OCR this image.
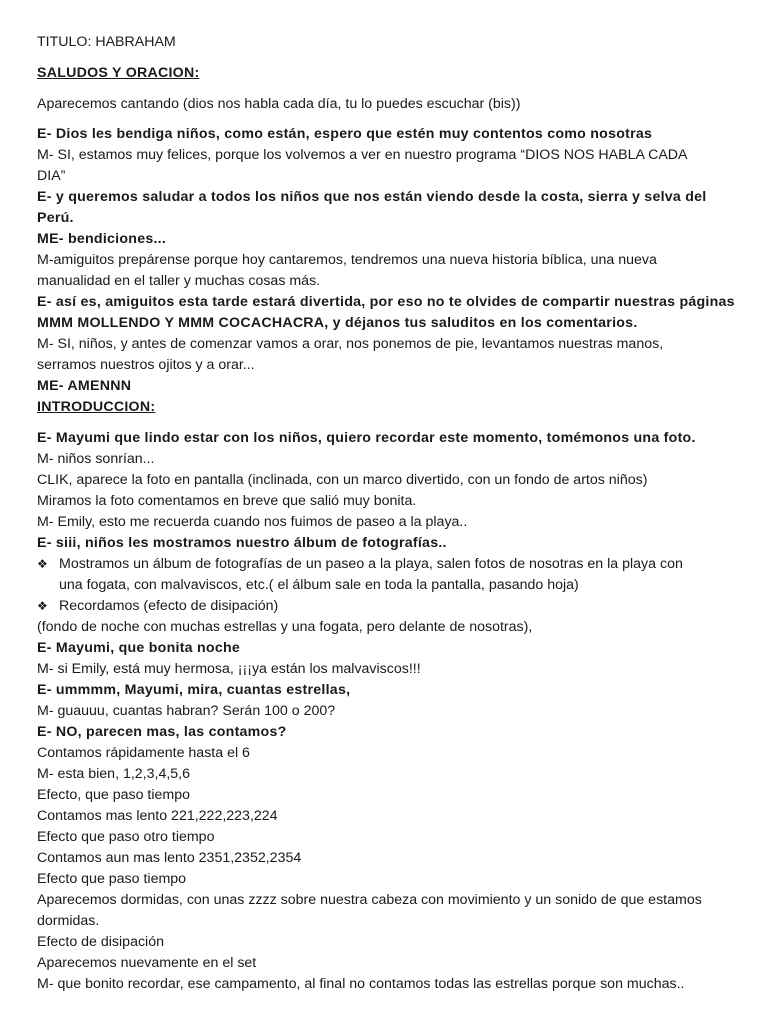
TITULO: HABRAHAM
SALUDOS Y ORACION:
Aparecemos cantando (dios nos habla cada día, tu lo puedes escuchar (bis))
E- Dios les bendiga niños, como están, espero que estén muy contentos como nosotras
M- SI, estamos muy felices, porque los volvemos a ver en nuestro programa “DIOS NOS HABLA CADA
DIA”
E- y queremos saludar a todos los niños que nos están viendo desde la costa, sierra y selva del
Perú.
ME- bendiciones...
M-amiguitos prepárense porque hoy cantaremos, tendremos una nueva historia bíblica, una nueva
manualidad en el taller y muchas cosas más.
E- así es, amiguitos esta tarde estará divertida, por eso no te olvides de compartir nuestras páginas
MMM MOLLENDO Y MMM COCACHACRA, y déjanos tus saluditos en los comentarios.
M- SI, niños, y antes de comenzar vamos a orar, nos ponemos de pie, levantamos nuestras manos,
serramos nuestros ojitos y a orar...
ME- AMENNN
INTRODUCCION:
E- Mayumi que lindo estar con los niños, quiero recordar este momento, tomémonos una foto.
M- niños sonrían...
CLIK, aparece la foto en pantalla (inclinada, con un marco divertido, con un fondo de artos niños)
Miramos la foto comentamos en breve que salió muy bonita.
M- Emily, esto me recuerda cuando nos fuimos de paseo a la playa..
E- siii, niños les mostramos nuestro álbum de fotografías..
❖ Mostramos un álbum de fotografías de un paseo a la playa, salen fotos de nosotras en la playa con
una fogata, con malvaviscos, etc.( el álbum sale en toda la pantalla, pasando hoja)
❖ Recordamos (efecto de disipación)
(fondo de noche con muchas estrellas y una fogata, pero delante de nosotras),
E- Mayumi, que bonita noche
M- si Emily, está muy hermosa, ¡¡¡ya están los malvaviscos!!!
E- ummmm, Mayumi, mira, cuantas estrellas,
M- guauuu, cuantas habran? Serán 100 o 200?
E- NO, parecen mas, las contamos?
Contamos rápidamente hasta el 6
M- esta bien, 1,2,3,4,5,6
Efecto, que paso tiempo
Contamos mas lento 221,222,223,224
Efecto que paso otro tiempo
Contamos aun mas lento 2351,2352,2354
Efecto que paso tiempo
Aparecemos dormidas, con unas zzzz sobre nuestra cabeza con movimiento y un sonido de que estamos
dormidas.
Efecto de disipación
Aparecemos nuevamente en el set
M- que bonito recordar, ese campamento, al final no contamos todas las estrellas porque son muchas..
